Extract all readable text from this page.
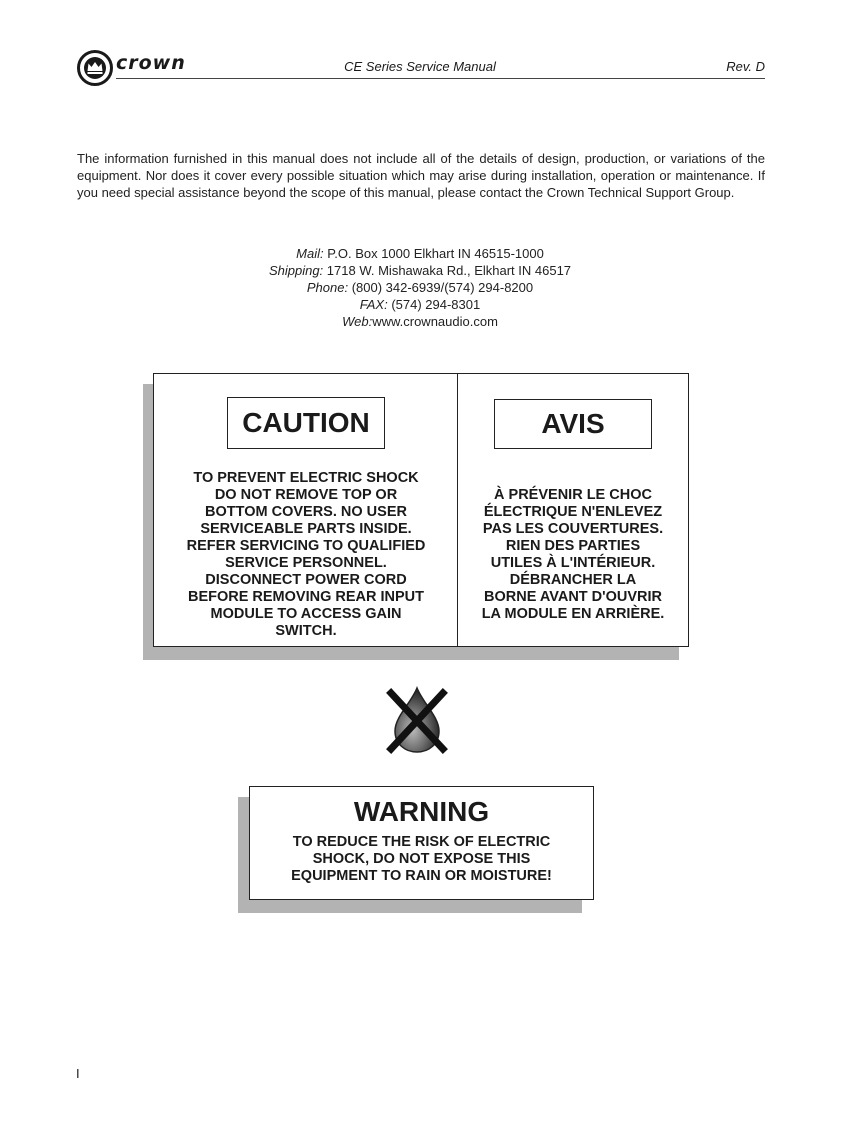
crown	CE Series Service Manual	Rev. D
The information furnished in this manual does not include all of the details of design, production, or variations of the equipment. Nor does it cover every possible situation which may arise during installation, operation or maintenance. If you need special assistance beyond the scope of this manual, please contact the Crown Technical Support Group.
Mail: P.O. Box 1000 Elkhart IN 46515-1000
Shipping: 1718 W. Mishawaka Rd., Elkhart IN 46517
Phone: (800) 342-6939/(574) 294-8200
FAX: (574) 294-8301
Web:www.crownaudio.com
CAUTION	AVIS
TO PREVENT ELECTRIC SHOCK
DO NOT REMOVE TOP OR
BOTTOM COVERS. NO USER
SERVICEABLE PARTS INSIDE.
REFER SERVICING TO QUALIFIED
SERVICE PERSONNEL.
DISCONNECT POWER CORD
BEFORE REMOVING REAR INPUT
MODULE TO ACCESS GAIN
SWITCH.
À PRÉVENIR LE CHOC
ÉLECTRIQUE N'ENLEVEZ
PAS LES COUVERTURES.
RIEN DES PARTIES
UTILES À L'INTÉRIEUR.
DÉBRANCHER LA
BORNE AVANT D'OUVRIR
LA MODULE EN ARRIÈRE.
WARNING
TO REDUCE THE RISK OF ELECTRIC
SHOCK, DO NOT EXPOSE THIS
EQUIPMENT TO RAIN OR MOISTURE!
I
